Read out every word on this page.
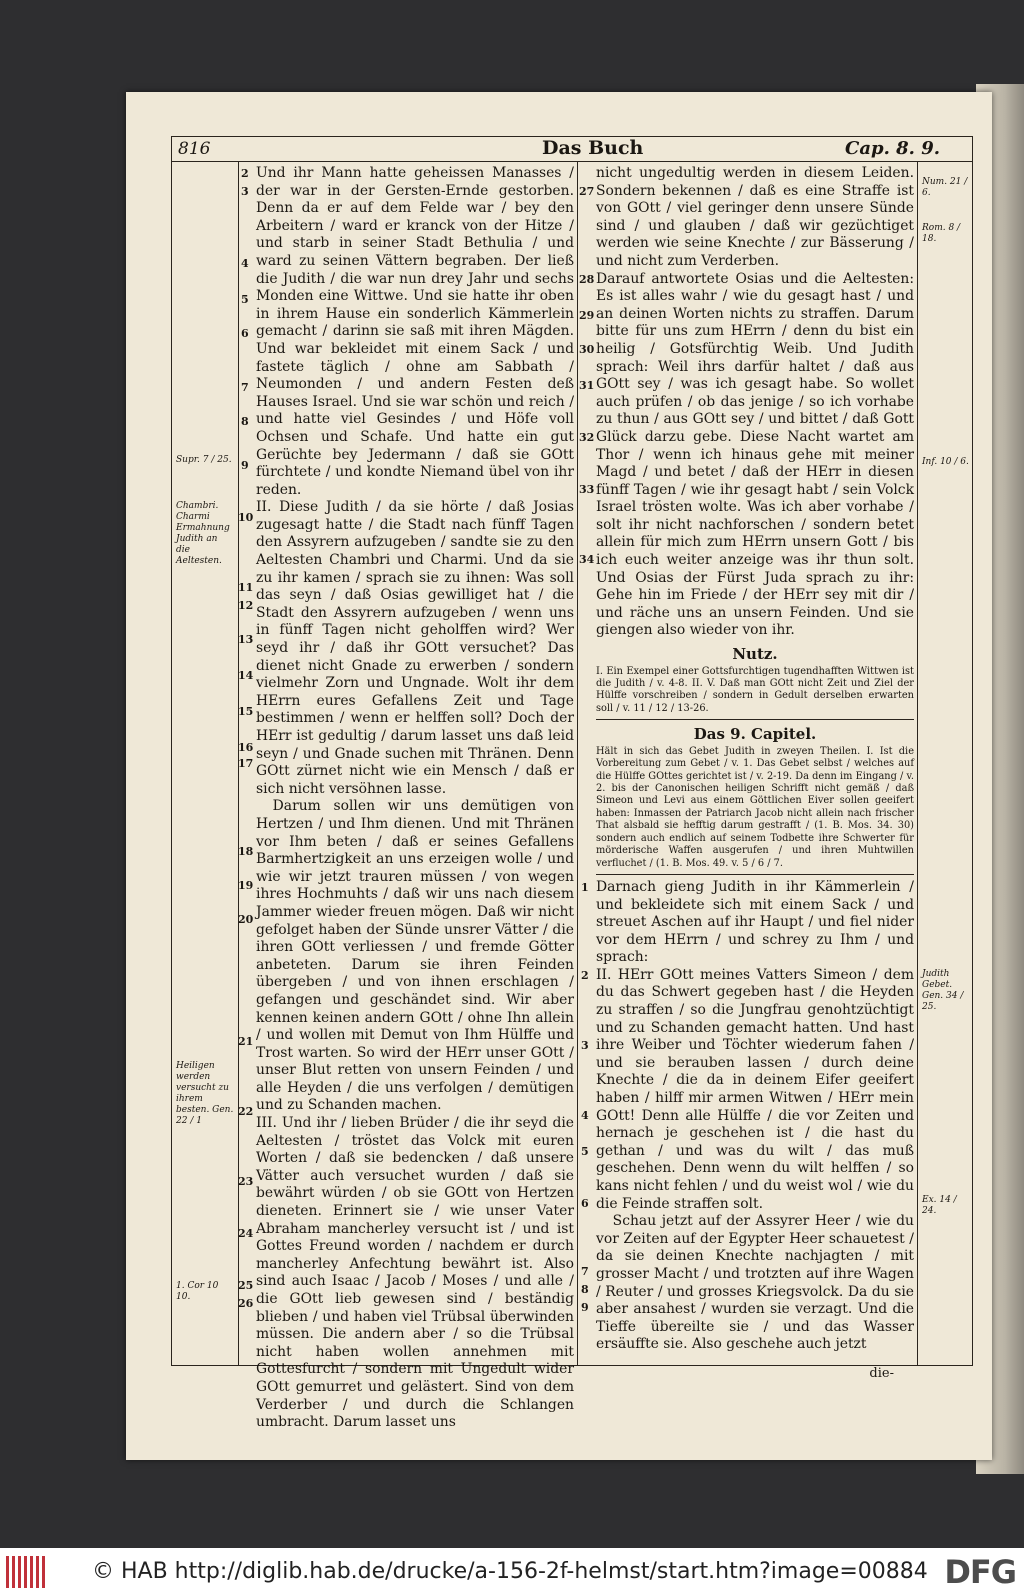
816	Das Buch	Cap. 8. 9.
Supr. 7 / 25.
Chambri. Charmi Ermahnung Judith an die Aeltesten.
Heiligen werden versucht zu ihrem besten. Gen. 22 / 1
1. Cor 10 10.
Num. 21 / 6.
Rom. 8 / 18.
Inf. 10 / 6.
Judith Gebet. Gen. 34 / 25.
Ex. 14 / 24.
2
3
4
5
6
7
8
9
10
11
12
13
14
15
16
17
18
19
20
21
22
23
24
25
26
27
28
29
30
31
32
33
34
1
2
3
4
5
6
7
8
9

Und ihr Mann hatte geheissen Manasses / der war in der Gersten-Ernde gestorben. Denn da er auf dem Felde war / bey den Arbeitern / ward er kranck von der Hitze / und starb in seiner Stadt Bethulia / und ward zu seinen Vättern begraben. Der ließ die Judith / die war nun drey Jahr und sechs Monden eine Wittwe. Und sie hatte ihr oben in ihrem Hause ein sonderlich Kämmerlein gemacht / darinn sie saß mit ihren Mägden. Und war bekleidet mit einem Sack / und fastete täglich / ohne am Sabbath / Neumonden / und andern Festen deß Hauses Israel. Und sie war schön und reich / und hatte viel Gesindes / und Höfe voll Ochsen und Schafe. Und hatte ein gut Gerüchte bey Jedermann / daß sie GOtt fürchtete / und kondte Niemand übel von ihr reden.

II. Diese Judith / da sie hörte / daß Josias zugesagt hatte / die Stadt nach fünff Tagen den Assyrern aufzugeben / sandte sie zu den Aeltesten Chambri und Charmi. Und da sie zu ihr kamen / sprach sie zu ihnen: Was soll das seyn / daß Osias gewilliget hat / die Stadt den Assyrern aufzugeben / wenn uns in fünff Tagen nicht geholffen wird? Wer seyd ihr / daß ihr GOtt versuchet? Das dienet nicht Gnade zu erwerben / sondern vielmehr Zorn und Ungnade. Wolt ihr dem HErrn eures Gefallens Zeit und Tage bestimmen / wenn er helffen soll? Doch der HErr ist gedultig / darum lasset uns daß leid seyn / und Gnade suchen mit Thränen. Denn GOtt zürnet nicht wie ein Mensch / daß er sich nicht versöhnen lasse.

Darum sollen wir uns demütigen von Hertzen / und Ihm dienen. Und mit Thränen vor Ihm beten / daß er seines Gefallens Barmhertzigkeit an uns erzeigen wolle / und wie wir jetzt trauren müssen / von wegen ihres Hochmuhts / daß wir uns nach diesem Jammer wieder freuen mögen. Daß wir nicht gefolget haben der Sünde unsrer Vätter / die ihren GOtt verliessen / und fremde Götter anbeteten. Darum sie ihren Feinden übergeben / und von ihnen erschlagen / gefangen und geschändet sind. Wir aber kennen keinen andern GOtt / ohne Ihn allein / und wollen mit Demut von Ihm Hülffe und Trost warten. So wird der HErr unser GOtt / unser Blut retten von unsern Feinden / und alle Heyden / die uns verfolgen / demütigen und zu Schanden machen.

III. Und ihr / lieben Brüder / die ihr seyd die Aeltesten / tröstet das Volck mit euren Worten / daß sie bedencken / daß unsere Vätter auch versuchet wurden / daß sie bewährt würden / ob sie GOtt von Hertzen dieneten. Erinnert sie / wie unser Vater Abraham mancherley versucht ist / und ist Gottes Freund worden / nachdem er durch mancherley Anfechtung bewährt ist. Also sind auch Isaac / Jacob / Moses / und alle / die GOtt lieb gewesen sind / beständig blieben / und haben viel Trübsal überwinden müssen. Die andern aber / so die Trübsal nicht haben wollen annehmen mit Gottesfurcht / sondern mit Ungedult wider GOtt gemurret und gelästert. Sind von dem Verderber / und durch die Schlangen umbracht. Darum lasset uns

nicht ungedultig werden in diesem Leiden. Sondern bekennen / daß es eine Straffe ist von GOtt / viel geringer denn unsere Sünde sind / und glauben / daß wir gezüchtiget werden wie seine Knechte / zur Bässerung / und nicht zum Verderben.

Darauf antwortete Osias und die Aeltesten: Es ist alles wahr / wie du gesagt hast / und an deinen Worten nichts zu straffen. Darum bitte für uns zum HErrn / denn du bist ein heilig / Gotsfürchtig Weib. Und Judith sprach: Weil ihrs darfür haltet / daß aus GOtt sey / was ich gesagt habe. So wollet auch prüfen / ob das jenige / so ich vorhabe zu thun / aus GOtt sey / und bittet / daß Gott Glück darzu gebe. Diese Nacht wartet am Thor / wenn ich hinaus gehe mit meiner Magd / und betet / daß der HErr in diesen fünff Tagen / wie ihr gesagt habt / sein Volck Israel trösten wolte. Was ich aber vorhabe / solt ihr nicht nachforschen / sondern betet allein für mich zum HErrn unsern Gott / bis ich euch weiter anzeige was ihr thun solt. Und Osias der Fürst Juda sprach zu ihr: Gehe hin im Friede / der HErr sey mit dir / und räche uns an unsern Feinden. Und sie giengen also wieder von ihr.

Nutz.

I. Ein Exempel einer Gottsfurchtigen tugendhafften Wittwen ist die Judith / v. 4-8. II. V. Daß man GOtt nicht Zeit und Ziel der Hülffe vorschreiben / sondern in Gedult derselben erwarten soll / v. 11 / 12 / 13-26.

Das 9. Capitel.

Hält in sich das Gebet Judith in zweyen Theilen. I. Ist die Vorbereitung zum Gebet / v. 1. Das Gebet selbst / welches auf die Hülffe GOttes gerichtet ist / v. 2-19. Da denn im Eingang / v. 2. bis der Canonischen heiligen Schrifft nicht gemäß / daß Simeon und Levi aus einem Göttlichen Eiver sollen geeifert haben: Inmassen der Patriarch Jacob nicht allein nach frischer That alsbald sie hefftig darum gestrafft / (1. B. Mos. 34. 30) sondern auch endlich auf seinem Todbette ihre Schwerter für mörderische Waffen ausgerufen / und ihren Muhtwillen verfluchet / (1. B. Mos. 49. v. 5 / 6 / 7.

Darnach gieng Judith in ihr Kämmerlein / und bekleidete sich mit einem Sack / und streuet Aschen auf ihr Haupt / und fiel nider vor dem HErrn / und schrey zu Ihm / und sprach:

II. HErr GOtt meines Vatters Simeon / dem du das Schwert gegeben hast / die Heyden zu straffen / so die Jungfrau genohtzüchtigt und zu Schanden gemacht hatten. Und hast ihre Weiber und Töchter wiederum fahen / und sie berauben lassen / durch deine Knechte / die da in deinem Eifer geeifert haben / hilff mir armen Witwen / HErr mein GOtt! Denn alle Hülffe / die vor Zeiten und hernach je geschehen ist / die hast du gethan / und was du wilt / das muß geschehen. Denn wenn du wilt helffen / so kans nicht fehlen / und du weist wol / wie du die Feinde straffen solt.

Schau jetzt auf der Assyrer Heer / wie du vor Zeiten auf der Egypter Heer schauetest / da sie deinen Knechte nachjagten / mit grosser Macht / und trotzten auf ihre Wagen / Reuter / und grosses Kriegsvolck. Da du sie aber ansahest / wurden sie verzagt. Und die Tieffe übereilte sie / und das Wasser ersäuffte sie. Also geschehe auch jetzt

die-
© HAB http://diglib.hab.de/drucke/a-156-2f-helmst/start.htm?image=00884 DFG
